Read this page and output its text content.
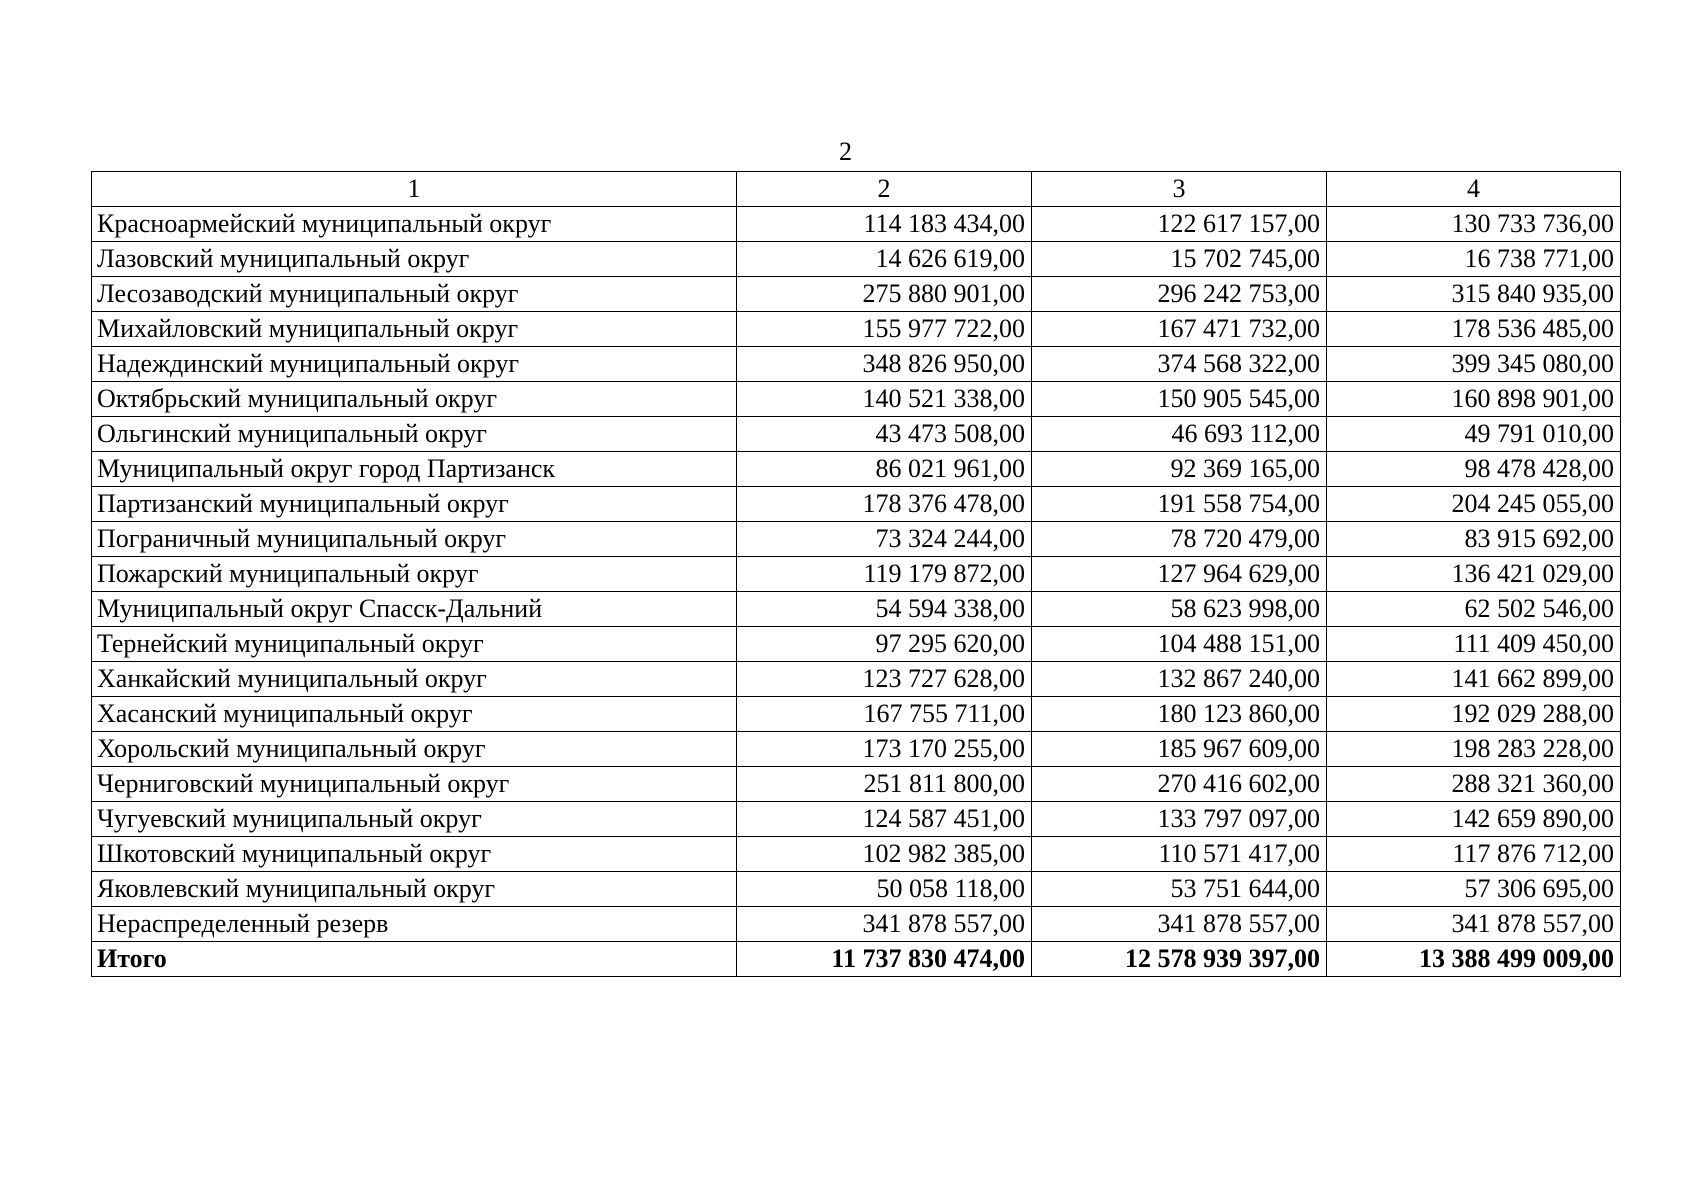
2
1	2	3	4
Красноармейский муниципальный округ	114 183 434,00	122 617 157,00	130 733 736,00
Лазовский муниципальный округ	14 626 619,00	15 702 745,00	16 738 771,00
Лесозаводский муниципальный округ	275 880 901,00	296 242 753,00	315 840 935,00
Михайловский муниципальный округ	155 977 722,00	167 471 732,00	178 536 485,00
Надеждинский муниципальный округ	348 826 950,00	374 568 322,00	399 345 080,00
Октябрьский муниципальный округ	140 521 338,00	150 905 545,00	160 898 901,00
Ольгинский муниципальный округ	43 473 508,00	46 693 112,00	49 791 010,00
Муниципальный округ город Партизанск	86 021 961,00	92 369 165,00	98 478 428,00
Партизанский муниципальный округ	178 376 478,00	191 558 754,00	204 245 055,00
Пограничный муниципальный округ	73 324 244,00	78 720 479,00	83 915 692,00
Пожарский муниципальный округ	119 179 872,00	127 964 629,00	136 421 029,00
Муниципальный округ Спасск-Дальний	54 594 338,00	58 623 998,00	62 502 546,00
Тернейский муниципальный округ	97 295 620,00	104 488 151,00	111 409 450,00
Ханкайский муниципальный округ	123 727 628,00	132 867 240,00	141 662 899,00
Хасанский муниципальный округ	167 755 711,00	180 123 860,00	192 029 288,00
Хорольский муниципальный округ	173 170 255,00	185 967 609,00	198 283 228,00
Черниговский муниципальный округ	251 811 800,00	270 416 602,00	288 321 360,00
Чугуевский муниципальный округ	124 587 451,00	133 797 097,00	142 659 890,00
Шкотовский муниципальный округ	102 982 385,00	110 571 417,00	117 876 712,00
Яковлевский муниципальный округ	50 058 118,00	53 751 644,00	57 306 695,00
Нераспределенный резерв	341 878 557,00	341 878 557,00	341 878 557,00
Итого	11 737 830 474,00	12 578 939 397,00	13 388 499 009,00
